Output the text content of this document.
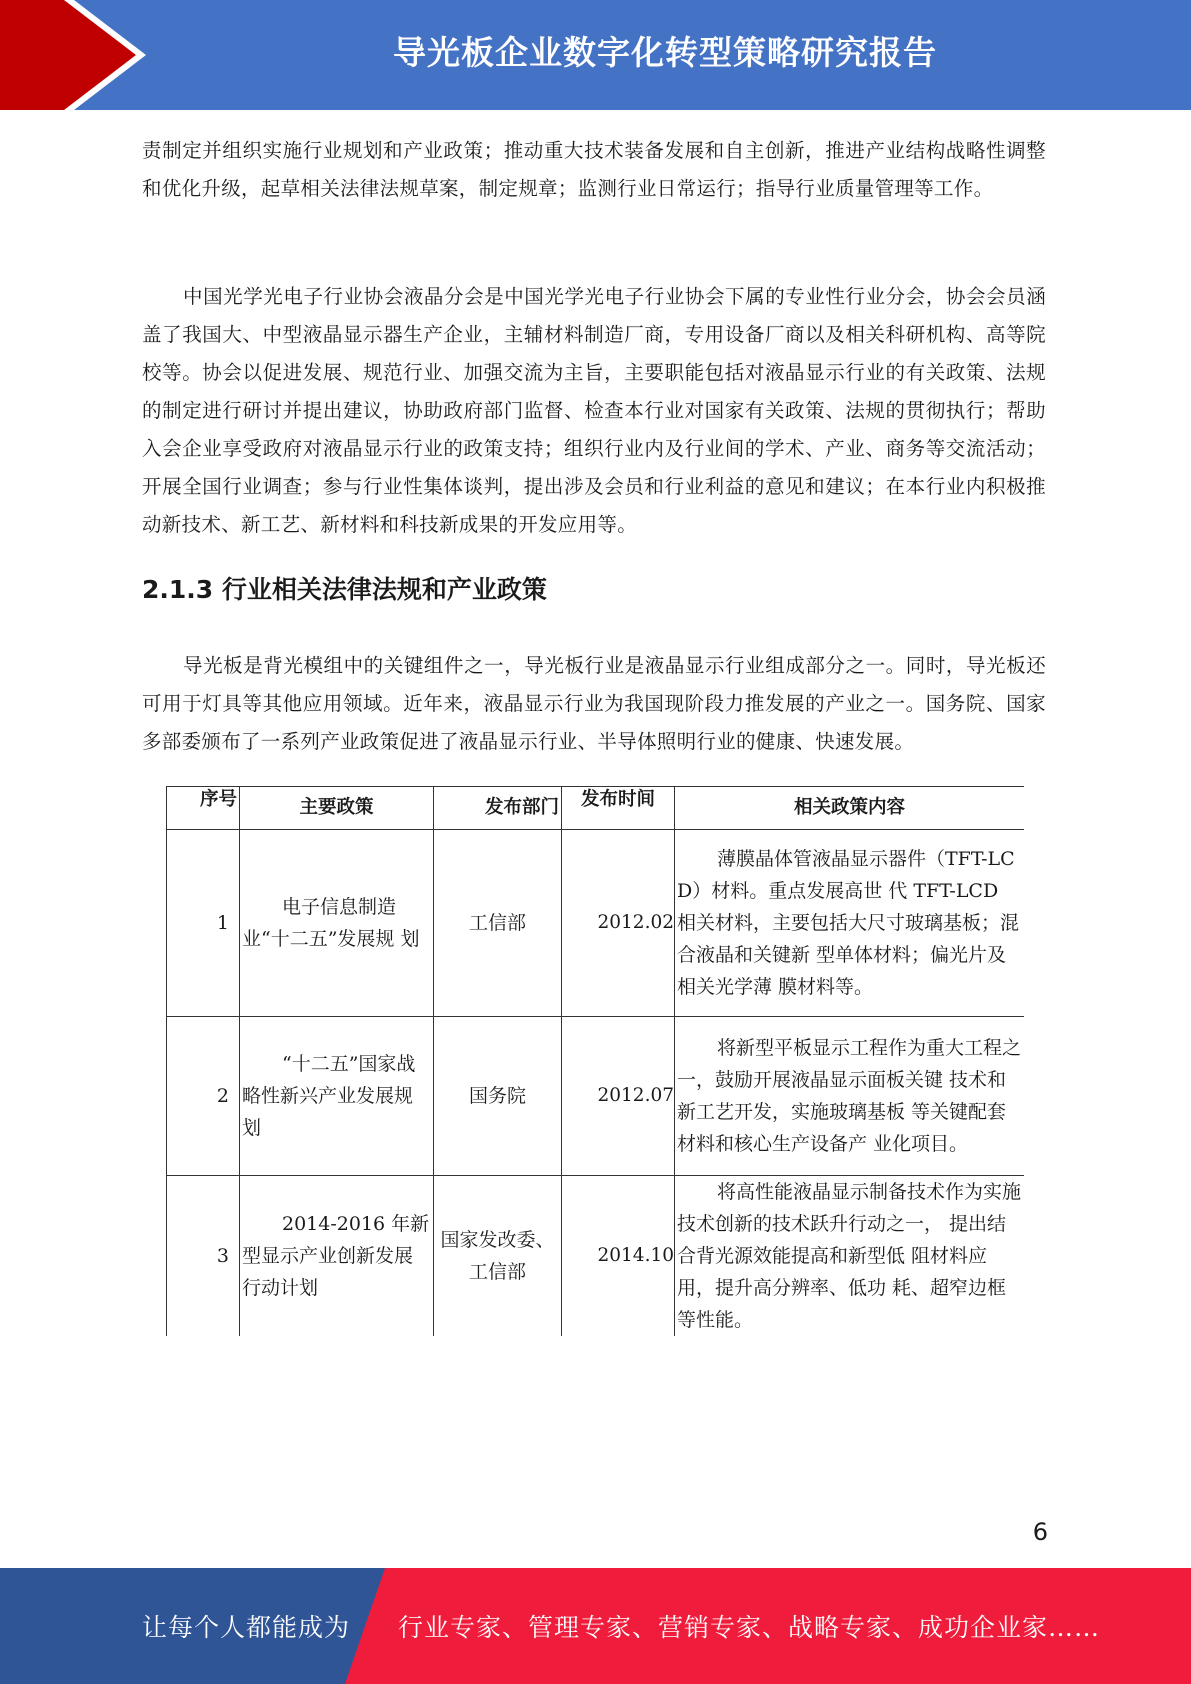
导光板企业数字化转型策略研究报告

责制定并组织实施行业规划和产业政策；推动重大技术装备发展和自主创新，推进产业结构战略性调整和优化升级，起草相关法律法规草案，制定规章；监测行业日常运行；指导行业质量管理等工作。

中国光学光电子行业协会液晶分会是中国光学光电子行业协会下属的专业性行业分会，协会会员涵盖了我国大、中型液晶显示器生产企业，主辅材料制造厂商，专用设备厂商以及相关科研机构、高等院校等。协会以促进发展、规范行业、加强交流为主旨，主要职能包括对液晶显示行业的有关政策、法规的制定进行研讨并提出建议，协助政府部门监督、检查本行业对国家有关政策、法规的贯彻执行；帮助入会企业享受政府对液晶显示行业的政策支持；组织行业内及行业间的学术、产业、商务等交流活动；开展全国行业调查；参与行业性集体谈判，提出涉及会员和行业利益的意见和建议；在本行业内积极推动新技术、新工艺、新材料和科技新成果的开发应用等。

2.1.3 行业相关法律法规和产业政策

导光板是背光模组中的关键组件之一，导光板行业是液晶显示行业组成部分之一。同时，导光板还可用于灯具等其他应用领域。近年来，液晶显示行业为我国现阶段力推发展的产业之一。国务院、国家多部委颁布了一系列产业政策促进了液晶显示行业、半导体照明行业的健康、快速发展。

序号	主要政策	发布部门	发布时间	相关政策内容
1	电子信息制造业“十二五”发展规 划	工信部	2012.02	薄膜晶体管液晶显示器件（TFT-LC D）材料。重点发展高世 代 TFT-LCD 相关材料，主要包括大尺寸玻璃基板；混合液晶和关键新 型单体材料；偏光片及相关光学薄 膜材料等。
2	“十二五”国家战 略性新兴产业发展规划	国务院	2012.07	将新型平板显示工程作为重大工程之一，鼓励开展液晶显示面板关键 技术和新工艺开发，实施玻璃基板 等关键配套材料和核心生产设备产 业化项目。
3	2014-2016 年新型显示产业创新发展 行动计划	国家发改委、工信部	2014.10	将高性能液晶显示制备技术作为实施技术创新的技术跃升行动之一， 提出结合背光源效能提高和新型低 阻材料应用，提升高分辨率、低功 耗、超窄边框等性能。
6
让每个人都能成为 行业专家、管理专家、营销专家、战略专家、成功企业家……
